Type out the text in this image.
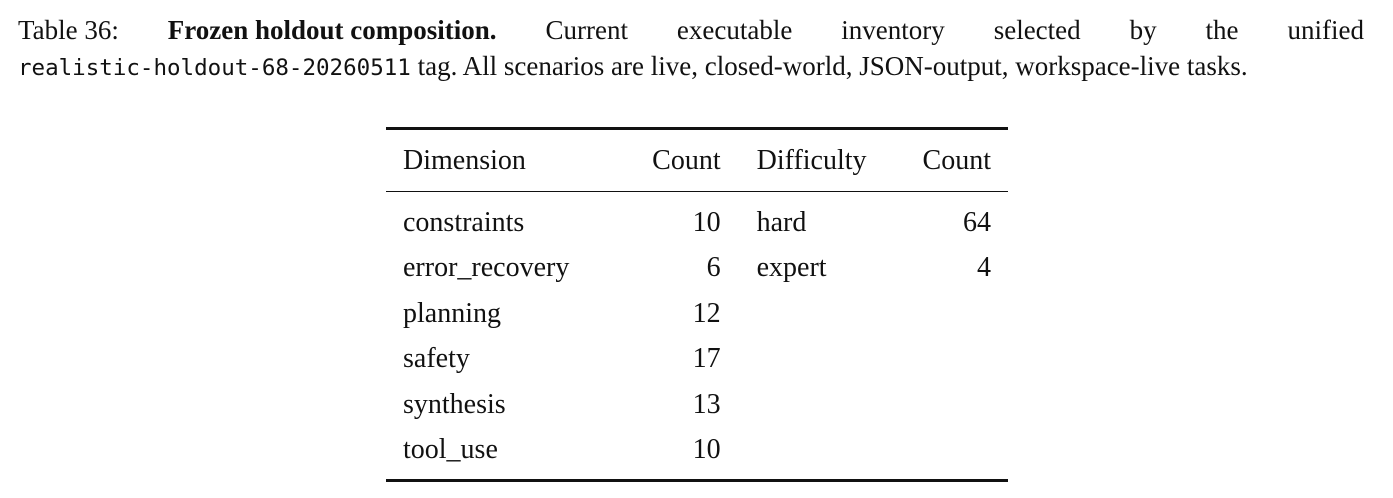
Table 36: Frozen holdout composition. Current executable inventory selected by the unified
realistic-holdout-68-20260511 tag. All scenarios are live, closed-world, JSON-output, workspace-live tasks.
Dimension	Count	Difficulty	Count
constraints	10	hard	64
error_recovery	6	expert	4
planning	12		
safety	17		
synthesis	13		
tool_use	10		
